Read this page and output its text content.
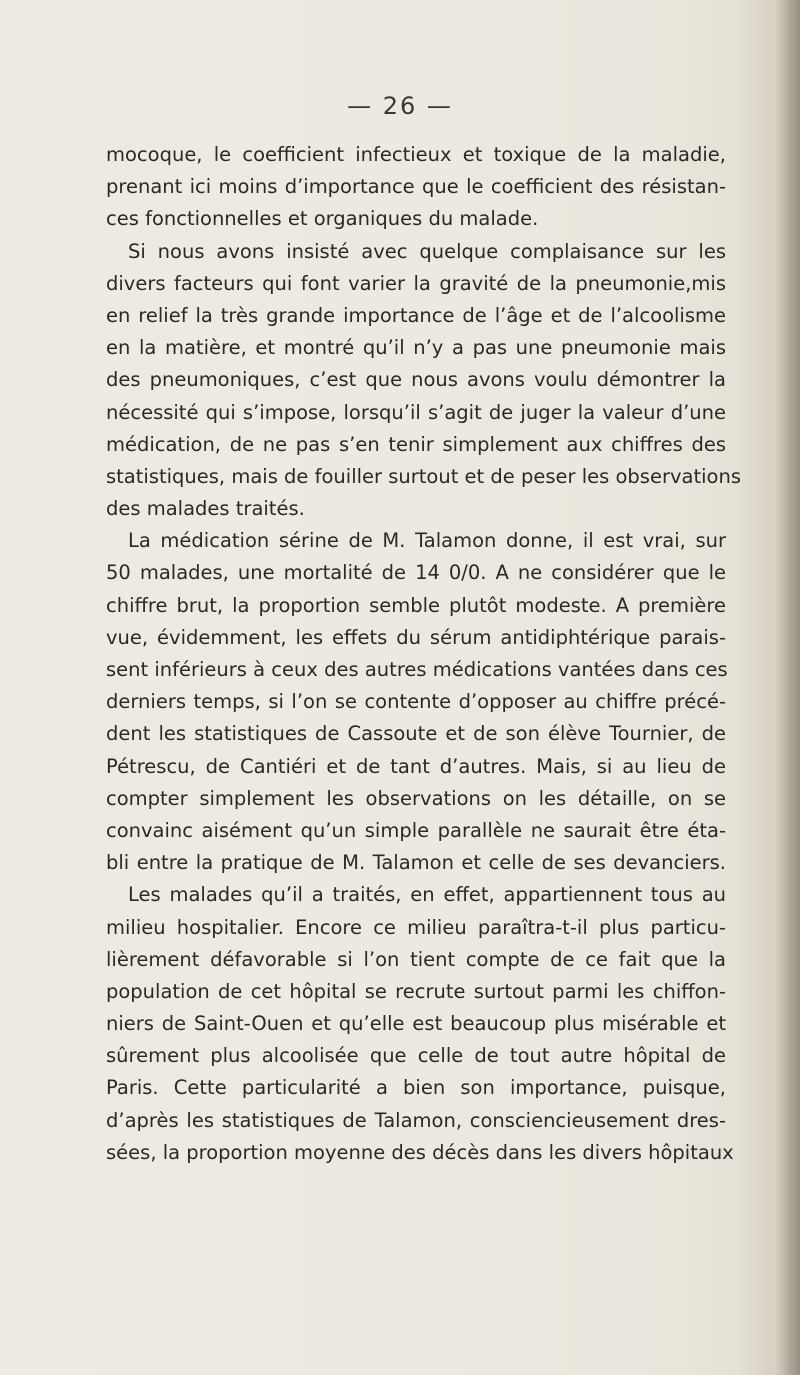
— 26 —
mocoque, le coefficient infectieux et toxique de la maladie,
prenant ici moins d’importance que le coefficient des résistan-
ces fonctionnelles et organiques du malade.
Si nous avons insisté avec quelque complaisance sur les
divers facteurs qui font varier la gravité de la pneumonie,mis
en relief la très grande importance de l’âge et de l’alcoolisme
en la matière, et montré qu’il n’y a pas une pneumonie mais
des pneumoniques, c’est que nous avons voulu démontrer la
nécessité qui s’impose, lorsqu’il s’agit de juger la valeur d’une
médication, de ne pas s’en tenir simplement aux chiffres des
statistiques, mais de fouiller surtout et de peser les observations
des malades traités.
La médication sérine de M. Talamon donne, il est vrai, sur
50 malades, une mortalité de 14 0/0. A ne considérer que le
chiffre brut, la proportion semble plutôt modeste. A première
vue, évidemment, les effets du sérum antidiphtérique parais-
sent inférieurs à ceux des autres médications vantées dans ces
derniers temps, si l’on se contente d’opposer au chiffre précé-
dent les statistiques de Cassoute et de son élève Tournier, de
Pétrescu, de Cantiéri et de tant d’autres. Mais, si au lieu de
compter simplement les observations on les détaille, on se
convainc aisément qu’un simple parallèle ne saurait être éta-
bli entre la pratique de M. Talamon et celle de ses devanciers.
Les malades qu’il a traités, en effet, appartiennent tous au
milieu hospitalier. Encore ce milieu paraîtra-t-il plus particu-
lièrement défavorable si l’on tient compte de ce fait que la
population de cet hôpital se recrute surtout parmi les chiffon-
niers de Saint-Ouen et qu’elle est beaucoup plus misérable et
sûrement plus alcoolisée que celle de tout autre hôpital de
Paris. Cette particularité a bien son importance, puisque,
d’après les statistiques de Talamon, consciencieusement dres-
sées, la proportion moyenne des décès dans les divers hôpitaux
